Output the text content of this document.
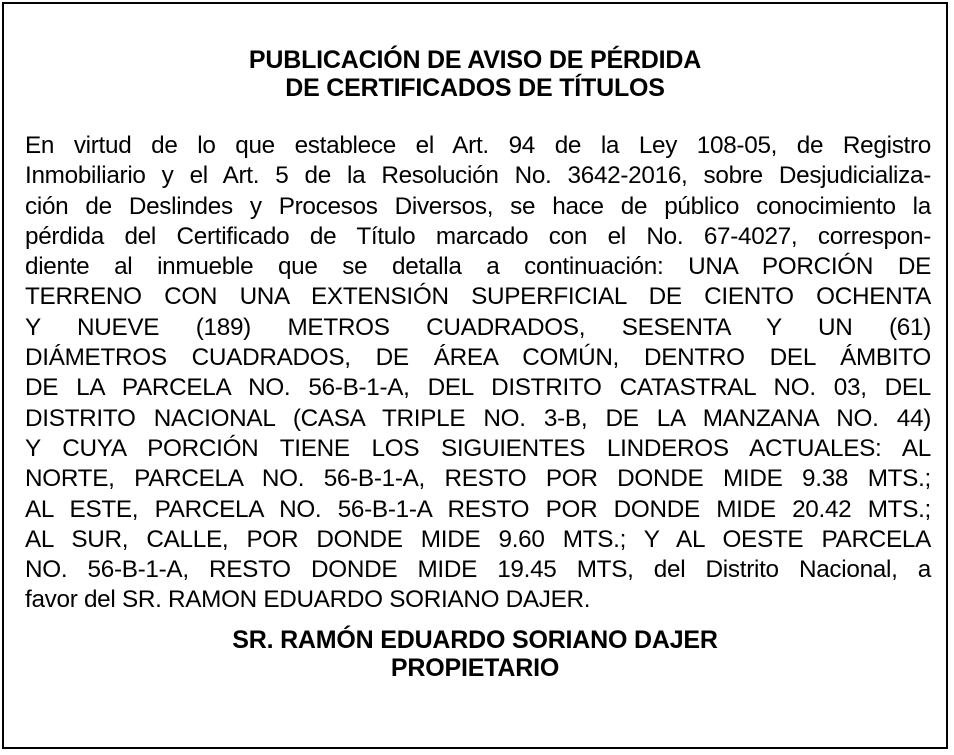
PUBLICACIÓN DE AVISO DE PÉRDIDA
DE CERTIFICADOS DE TÍTULOS

En virtud de lo que establece el Art. 94 de la Ley 108-05, de Registro
Inmobiliario y el Art. 5 de la Resolución No. 3642-2016, sobre Desjudicializa-
ción de Deslindes y Procesos Diversos, se hace de público conocimiento la
pérdida del Certificado de Título marcado con el No. 67-4027, correspon-
diente al inmueble que se detalla a continuación: UNA PORCIÓN DE
TERRENO CON UNA EXTENSIÓN SUPERFICIAL DE CIENTO OCHENTA
Y NUEVE (189) METROS CUADRADOS, SESENTA Y UN (61)
DIÁMETROS CUADRADOS, DE ÁREA COMÚN, DENTRO DEL ÁMBITO
DE LA PARCELA NO. 56-B-1-A, DEL DISTRITO CATASTRAL NO. 03, DEL
DISTRITO NACIONAL (CASA TRIPLE NO. 3-B, DE LA MANZANA NO. 44)
Y CUYA PORCIÓN TIENE LOS SIGUIENTES LINDEROS ACTUALES: AL
NORTE, PARCELA NO. 56-B-1-A, RESTO POR DONDE MIDE 9.38 MTS.;
AL ESTE, PARCELA NO. 56-B-1-A RESTO POR DONDE MIDE 20.42 MTS.;
AL SUR, CALLE, POR DONDE MIDE 9.60 MTS.; Y AL OESTE PARCELA
NO. 56-B-1-A, RESTO DONDE MIDE 19.45 MTS, del Distrito Nacional, a
favor del SR. RAMON EDUARDO SORIANO DAJER.

SR. RAMÓN EDUARDO SORIANO DAJER
PROPIETARIO
